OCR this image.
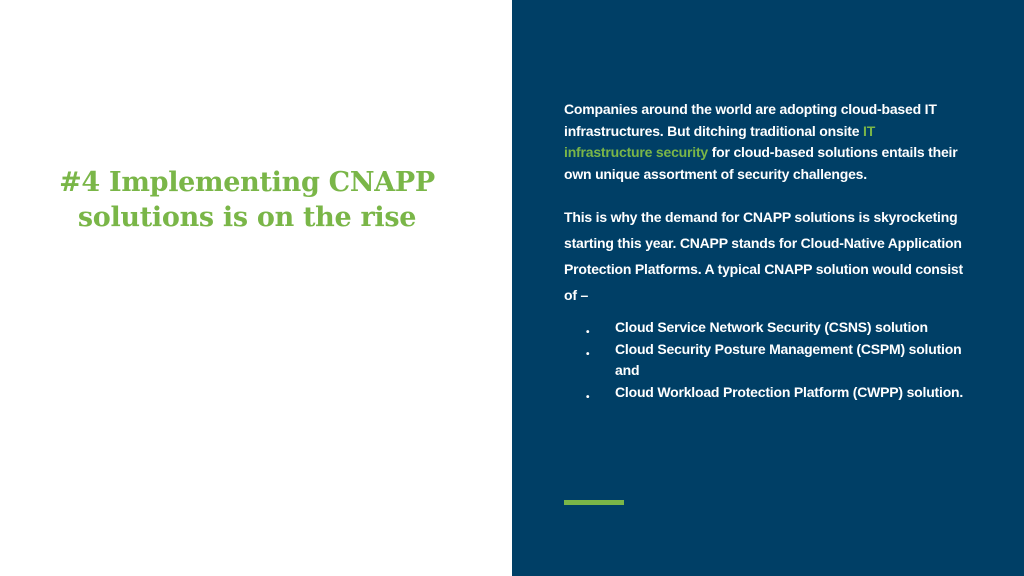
#4 Implementing CNAPP solutions is on the rise

Companies around the world are adopting cloud-based IT infrastructures. But ditching traditional onsite IT infrastructure security for cloud-based solutions entails their own unique assortment of security challenges.

This is why the demand for CNAPP solutions is skyrocketing starting this year. CNAPP stands for Cloud-Native Application Protection Platforms. A typical CNAPP solution would consist of –

• Cloud Service Network Security (CSNS) solution
• Cloud Security Posture Management (CSPM) solution and
• Cloud Workload Protection Platform (CWPP) solution.
